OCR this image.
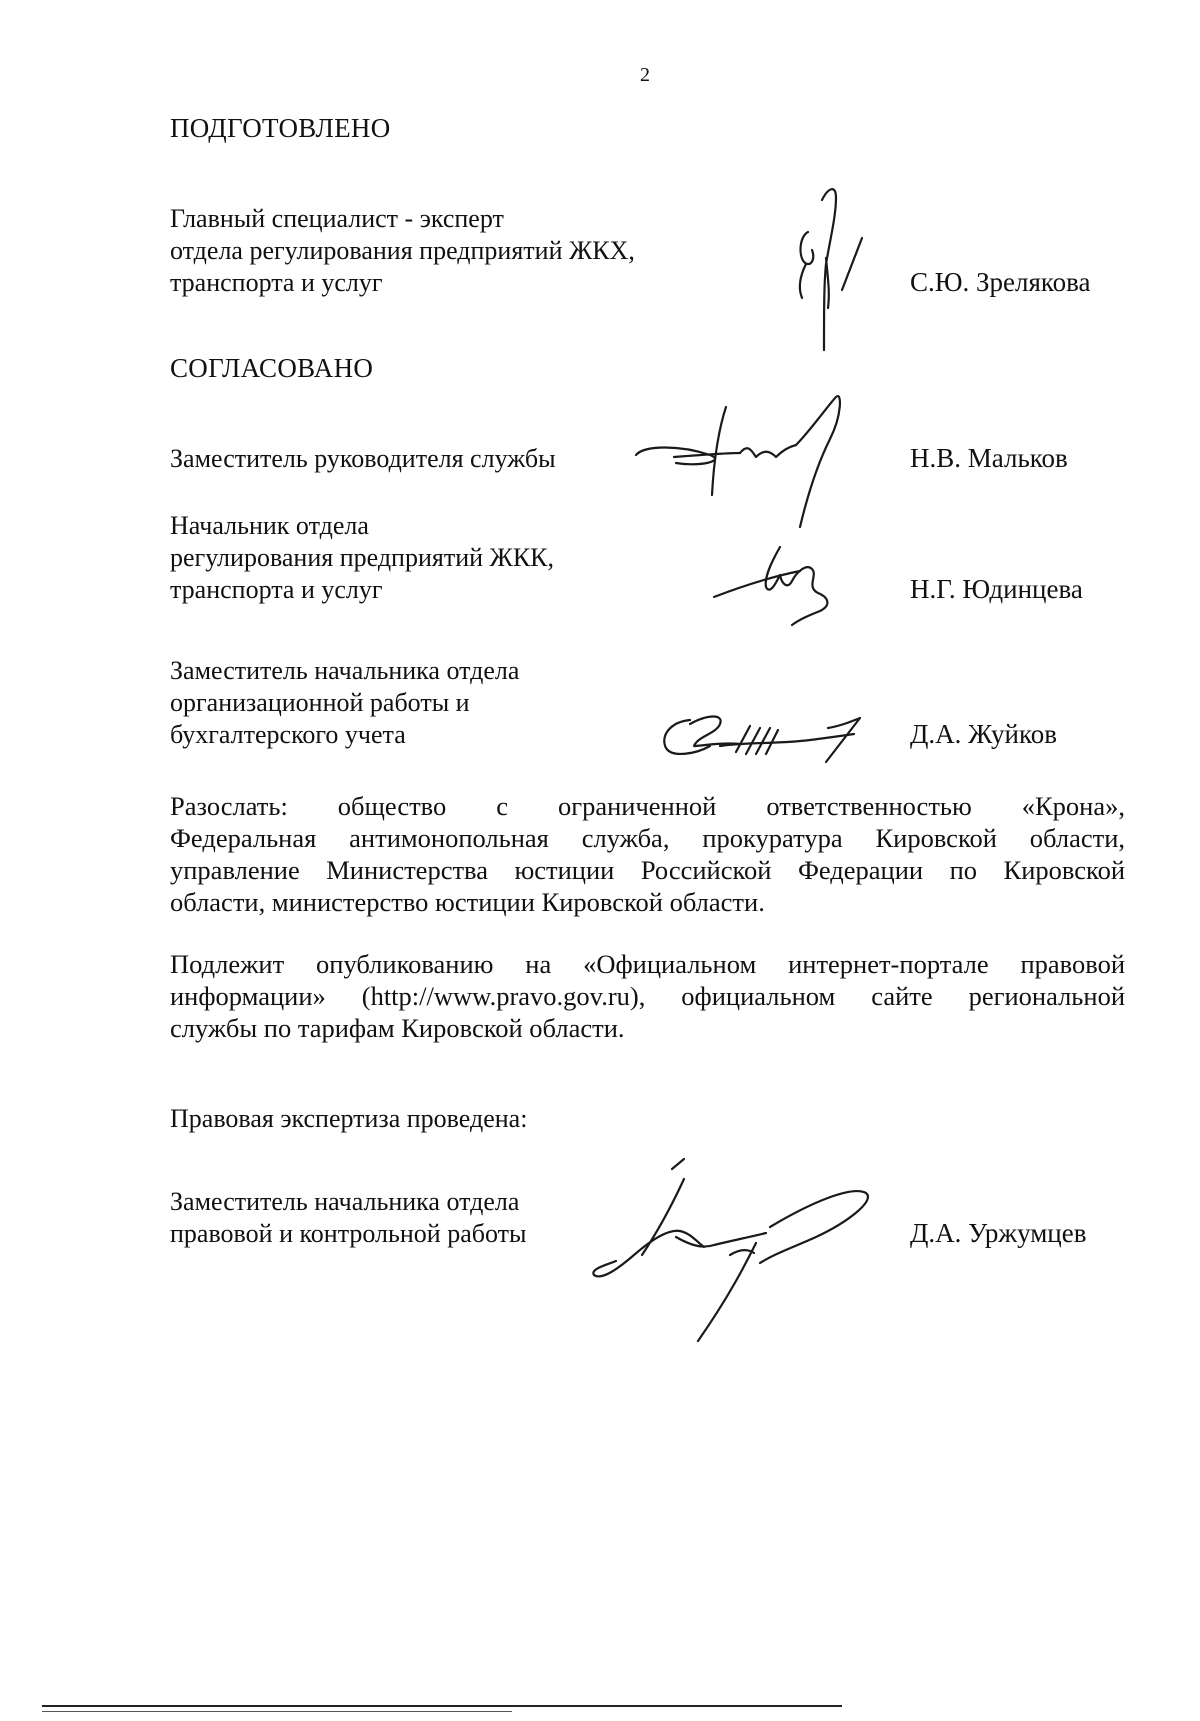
2
ПОДГОТОВЛЕНО
Главный специалист - эксперт
отдела регулирования предприятий ЖКХ,
транспорта и услуг	С.Ю. Зрелякова
СОГЛАСОВАНО
Заместитель руководителя службы	Н.В. Мальков
Начальник отдела
регулирования предприятий ЖКК,
транспорта и услуг	Н.Г. Юдинцева
Заместитель начальника отдела
организационной работы и
бухгалтерского учета	Д.А. Жуйков
Разослать: общество с ограниченной ответственностью «Крона»,
Федеральная антимонопольная служба, прокуратура Кировской области,
управление Министерства юстиции Российской Федерации по Кировской
области, министерство юстиции Кировской области.
Подлежит опубликованию на «Официальном интернет-портале правовой
информации» (http://www.pravo.gov.ru), официальном сайте региональной
службы по тарифам Кировской области.
Правовая экспертиза проведена:
Заместитель начальника отдела
правовой и контрольной работы	Д.А. Уржумцев
